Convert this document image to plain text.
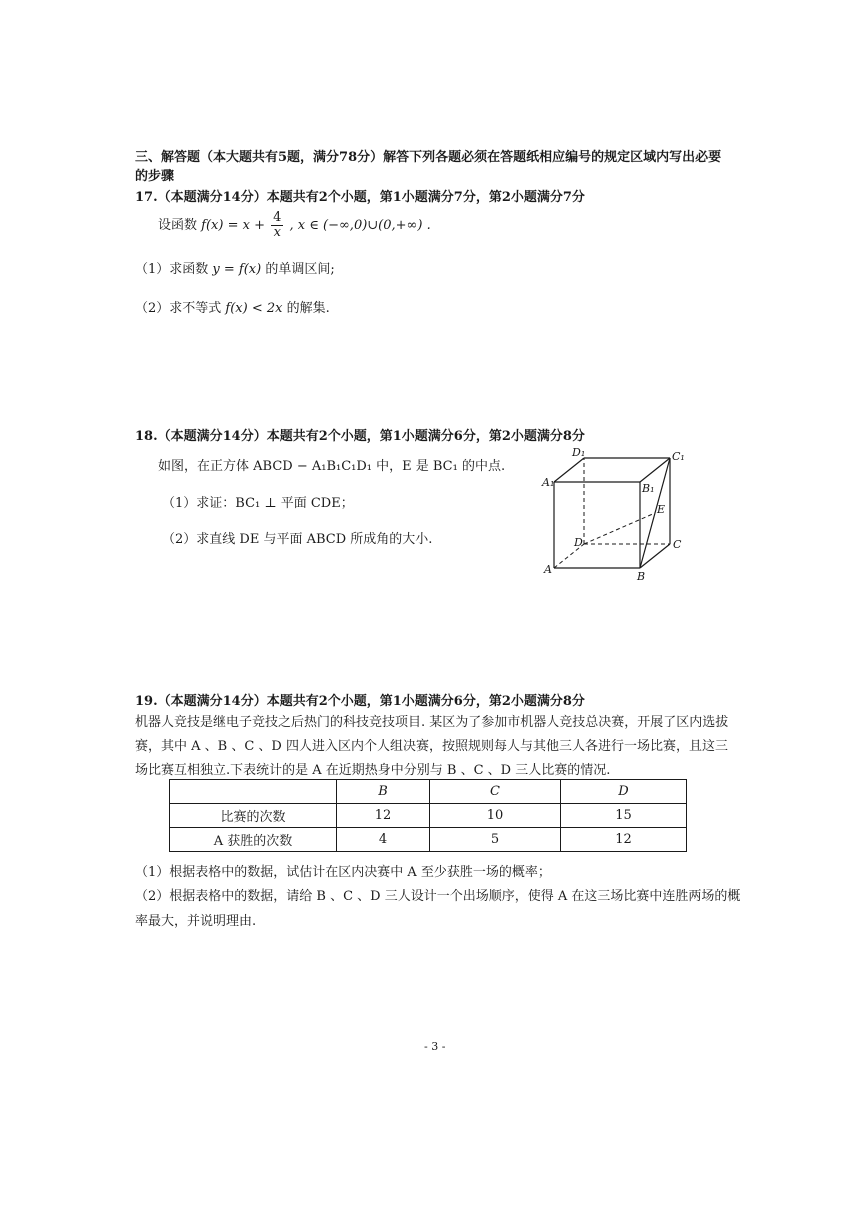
三、解答题（本大题共有5题，满分78分）解答下列各题必须在答题纸相应编号的规定区域内写出必要
的步骤
17.（本题满分14分）本题共有2个小题，第1小题满分7分，第2小题满分7分
设函数 $f(x) = x + \frac{4}{x}$ , x ∈ (−∞,0)∪(0,+∞) .
（1）求函数 y = f(x) 的单调区间;
（2）求不等式 f(x) < 2x 的解集.
18.（本题满分14分）本题共有2个小题，第1小题满分6分，第2小题满分8分
如图，在正方体 ABCD − A₁B₁C₁D₁ 中，E 是 BC₁ 的中点.
（1）求证：BC₁ ⊥ 平面 CDE；
（2）求直线 DE 与平面 ABCD 所成角的大小.
D₁	C₁
A₁	B₁
E
D	C
A
B
19.（本题满分14分）本题共有2个小题，第1小题满分6分，第2小题满分8分
机器人竞技是继电子竞技之后热门的科技竞技项目. 某区为了参加市机器人竞技总决赛，开展了区内选拔
赛，其中 A 、B 、C 、D 四人进入区内个人组决赛，按照规则每人与其他三人各进行一场比赛，且这三
场比赛互相独立.下表统计的是 A 在近期热身中分别与 B 、C 、D 三人比赛的情况.
	B	C	D
比赛的次数	12	10	15
A 获胜的次数	4	5	12
（1）根据表格中的数据，试估计在区内决赛中 A 至少获胜一场的概率；
（2）根据表格中的数据，请给 B 、C 、D 三人设计一个出场顺序，使得 A 在这三场比赛中连胜两场的概
率最大，并说明理由.
- 3 -
